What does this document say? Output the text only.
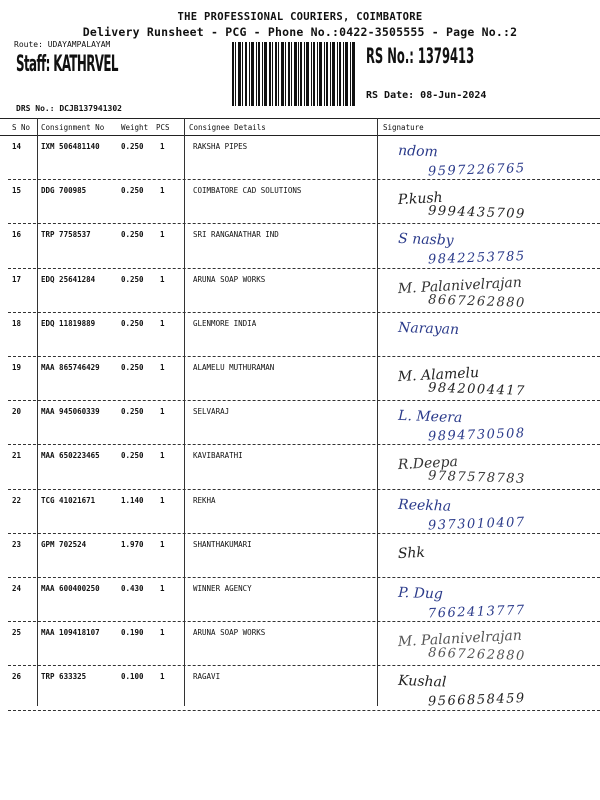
THE PROFESSIONAL COURIERS, COIMBATORE
Delivery Runsheet - PCG - Phone No.:0422-3505555 - Page No.:2
Route: UDAYAMPALAYAM
Staff: KATHRVEL	RS No.: 1379413
RS Date: 08-Jun-2024
DRS No.: DCJB137941302
S No Consignment No Weight PCS	Consignee Details	Signature
14	IXM 506481140	0.250 1	RAKSHA PIPES	ndom
9597226765
15	DDG 700985	0.250 1	COIMBATORE CAD SOLUTIONS	P.kush
9994435709
16	TRP 7758537	0.250 1	SRI RANGANATHAR IND	S nasby
9842253785
17	EDQ 25641284	0.250 1	ARUNA SOAP WORKS	M. Palanivelrajan
8667262880
18	EDQ 11819889	0.250 1	GLENMORE INDIA	Narayan
19	MAA 865746429	0.250 1	ALAMELU MUTHURAMAN	M. Alamelu
9842004417
20	MAA 945060339	0.250 1	SELVARAJ	L. Meera
9894730508
21	MAA 650223465	0.250 1	KAVIBARATHI	R.Deepa
9787578783
22	TCG 41021671	1.140 1	REKHA	Reekha
9373010407
23	GPM 702524	1.970 1	SHANTHAKUMARI
Shk
24	MAA 600400250	0.430 1	WINNER AGENCY	P. Dug
7662413777
25	MAA 109418107	0.190 1	ARUNA SOAP WORKS	M. Palanivelrajan
8667262880
26	TRP 633325	0.100 1	RAGAVI	Kushal
9566858459
